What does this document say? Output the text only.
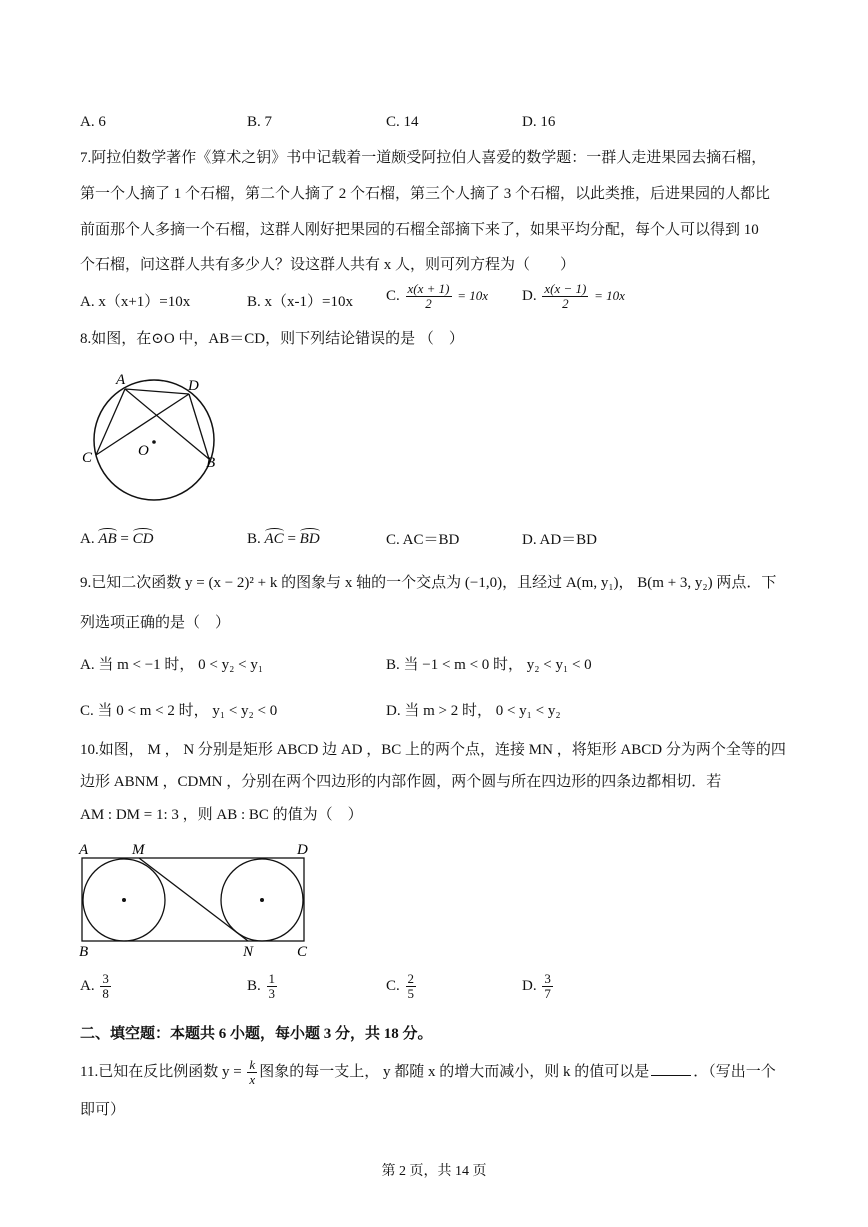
A. 6	B. 7	C. 14	D. 16
7.阿拉伯数学著作《算术之钥》书中记载着一道颇受阿拉伯人喜爱的数学题：一群人走进果园去摘石榴，
第一个人摘了 1 个石榴，第二个人摘了 2 个石榴，第三个人摘了 3 个石榴，以此类推，后进果园的人都比
前面那个人多摘一个石榴，这群人刚好把果园的石榴全部摘下来了，如果平均分配，每个人可以得到 10
个石榴，问这群人共有多少人？设这群人共有 x 人，则可列方程为（　　）
A. x（x+1）=10x	B. x（x-1）=10x C. $\frac{x(x + 1)}{2} = 10x$ D. $\frac{x(x - 1)}{2} = 10x$
8.如图，在⊙O 中，AB＝CD，则下列结论错误的是 （　）
A	D
C	B
O
A. AB = CD	B. AC = BD	C. AC＝BD	D. AD＝BD
9.已知二次函数 y = (x − 2)² + k 的图象与 x 轴的一个交点为 (−1,0)，且经过 A(m, y₁)， B(m + 3, y₂) 两点．下
列选项正确的是（　）
A. 当 m < −1 时， 0 < y₂ < y₁	B. 当 −1 < m < 0 时， y₂ < y₁ < 0
C. 当 0 < m < 2 时， y₁ < y₂ < 0	D. 当 m > 2 时， 0 < y₁ < y₂
10.如图， M ， N 分别是矩形 ABCD 边 AD ，BC 上的两个点，连接 MN ，将矩形 ABCD 分为两个全等的四
边形 ABNM ，CDMN ，分别在两个四边形的内部作圆，两个圆与所在四边形的四条边都相切．若
AM : DM = 1: 3 ，则 AB : BC 的值为（　）
A	M	D
B	N	C
A. $\frac{3}{8}$	B. $\frac{1}{3}$	C. $\frac{2}{5}$	D. $\frac{3}{7}$
二、填空题：本题共 6 小题，每小题 3 分，共 18 分。
11.已知在反比例函数 $y = \frac{k}{x}$ 图象的每一支上， y 都随 x 的增大而减小，则 k 的值可以是	．（写出一个
即可）
第 2 页，共 14 页
